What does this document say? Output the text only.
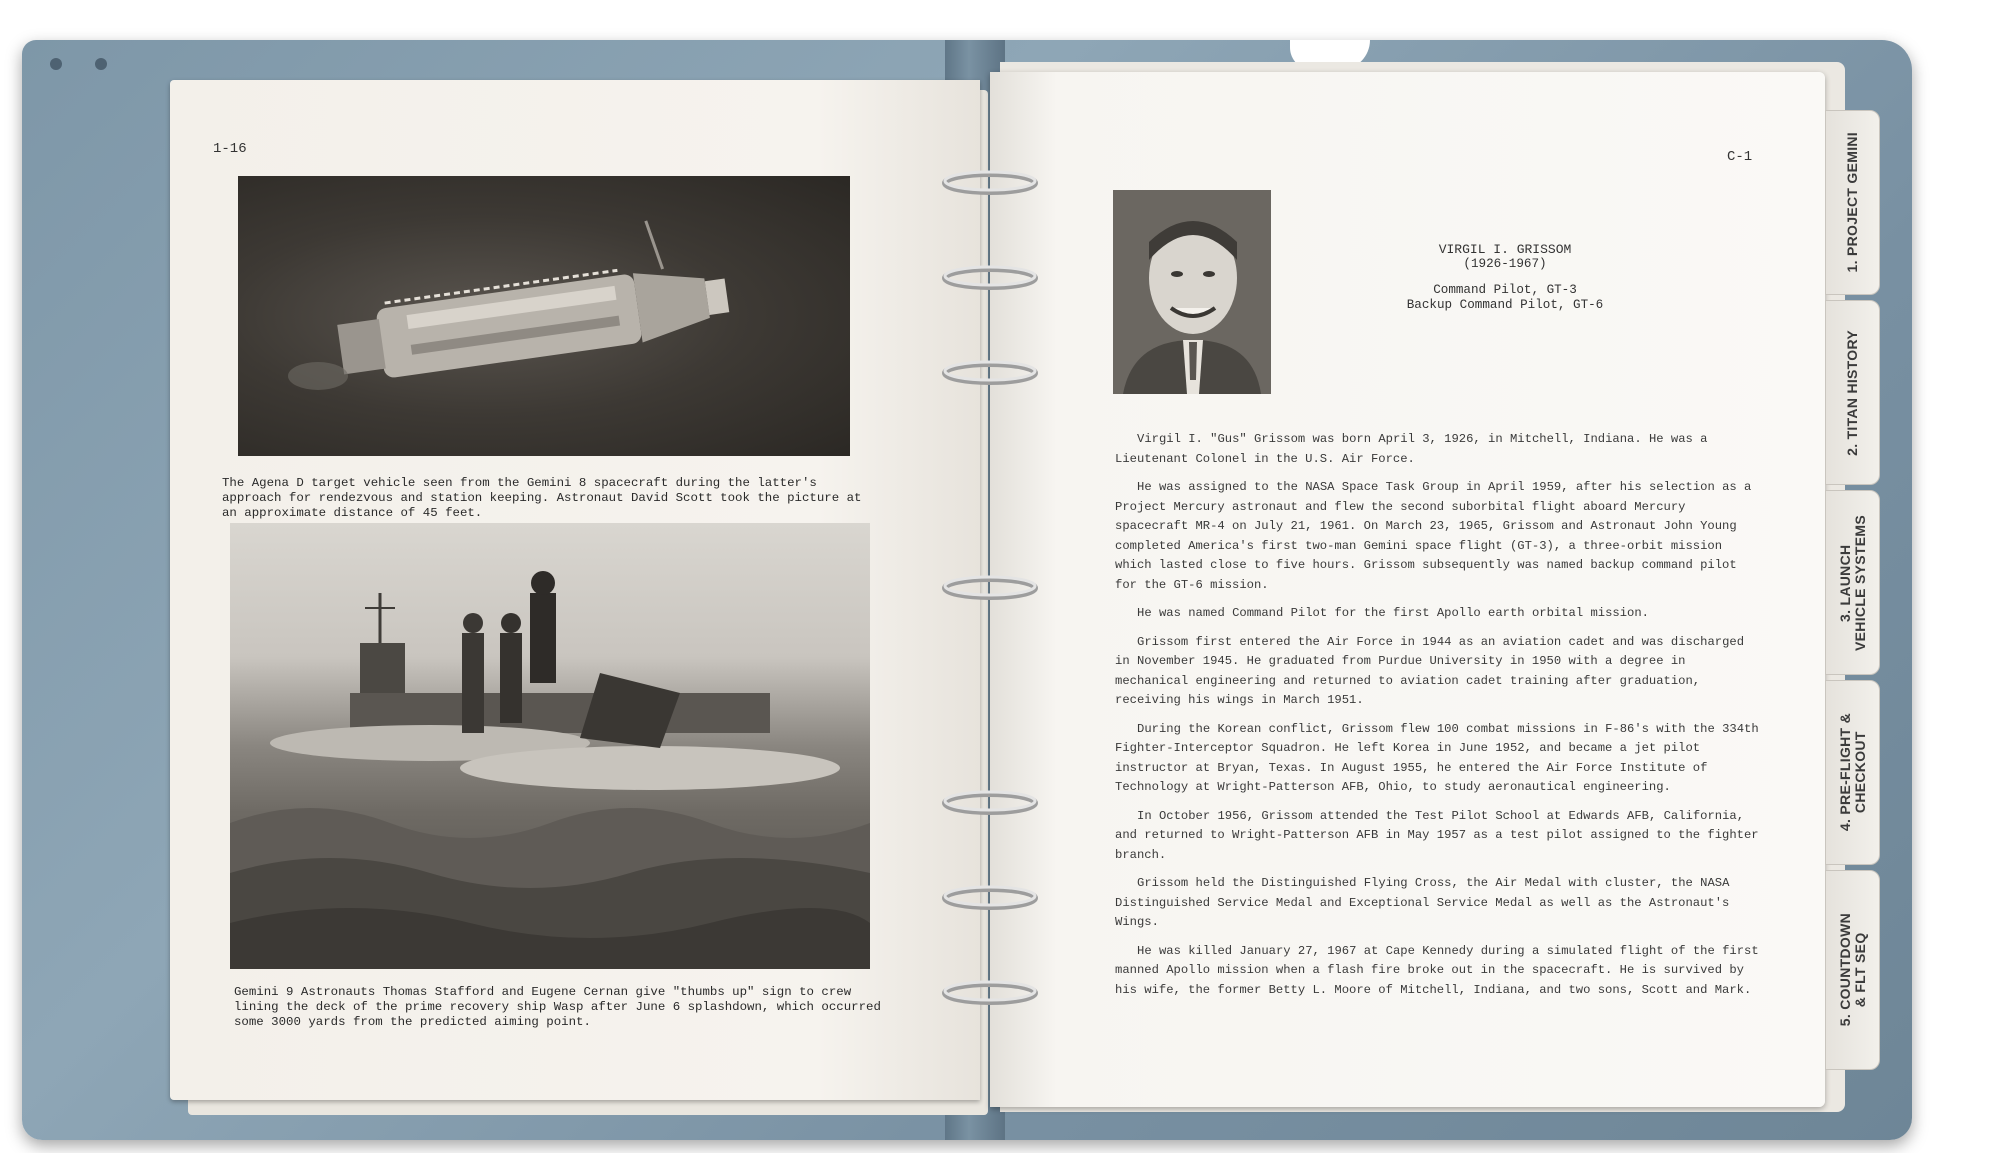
1-16
The Agena D target vehicle seen from the Gemini 8 spacecraft during the latter's approach for rendezvous and station keeping. Astronaut David Scott took the picture at an approximate distance of 45 feet.
Gemini 9 Astronauts Thomas Stafford and Eugene Cernan give "thumbs up" sign to crew lining the deck of the prime recovery ship Wasp after June 6 splashdown, which occurred some 3000 yards from the predicted aiming point.
C-1
VIRGIL I. GRISSOM
(1926-1967)
Command Pilot, GT-3
Backup Command Pilot, GT-6

Virgil I. "Gus" Grissom was born April 3, 1926, in Mitchell, Indiana. He was a Lieutenant Colonel in the U.S. Air Force.

He was assigned to the NASA Space Task Group in April 1959, after his selection as a Project Mercury astronaut and flew the second suborbital flight aboard Mercury spacecraft MR-4 on July 21, 1961. On March 23, 1965, Grissom and Astronaut John Young completed America's first two-man Gemini space flight (GT-3), a three-orbit mission which lasted close to five hours. Grissom subsequently was named backup command pilot for the GT-6 mission.

He was named Command Pilot for the first Apollo earth orbital mission.

Grissom first entered the Air Force in 1944 as an aviation cadet and was discharged in November 1945. He graduated from Purdue University in 1950 with a degree in mechanical engineering and returned to aviation cadet training after graduation, receiving his wings in March 1951.

During the Korean conflict, Grissom flew 100 combat missions in F-86's with the 334th Fighter-Interceptor Squadron. He left Korea in June 1952, and became a jet pilot instructor at Bryan, Texas. In August 1955, he entered the Air Force Institute of Technology at Wright-Patterson AFB, Ohio, to study aeronautical engineering.

In October 1956, Grissom attended the Test Pilot School at Edwards AFB, California, and returned to Wright-Patterson AFB in May 1957 as a test pilot assigned to the fighter branch.

Grissom held the Distinguished Flying Cross, the Air Medal with cluster, the NASA Distinguished Service Medal and Exceptional Service Medal as well as the Astronaut's Wings.

He was killed January 27, 1967 at Cape Kennedy during a simulated flight of the first manned Apollo mission when a flash fire broke out in the spacecraft. He is survived by his wife, the former Betty L. Moore of Mitchell, Indiana, and two sons, Scott and Mark.

1. PROJECT GEMINI
2. TITAN HISTORY
3. LAUNCH
VEHICLE SYSTEMS
4. PRE-FLIGHT &
CHECKOUT
5. COUNTDOWN
& FLT SEQ
